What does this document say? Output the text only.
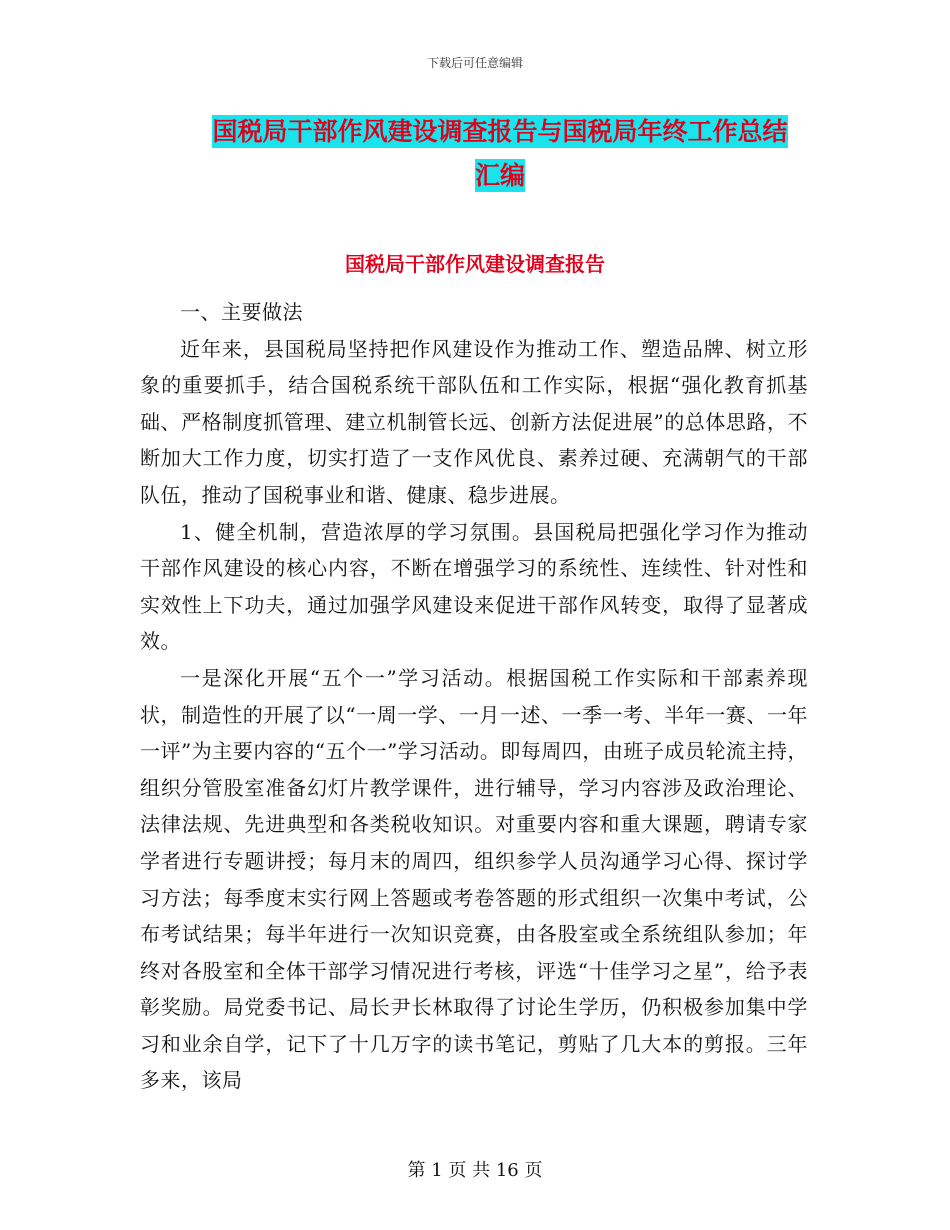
下载后可任意编辑
国税局干部作风建设调查报告与国税局年终工作总结
汇编
国税局干部作风建设调查报告

一、主要做法

近年来，县国税局坚持把作风建设作为推动工作、塑造品牌、树立形象的重要抓手，结合国税系统干部队伍和工作实际，根据“强化教育抓基础、严格制度抓管理、建立机制管长远、创新方法促进展”的总体思路，不断加大工作力度，切实打造了一支作风优良、素养过硬、充满朝气的干部队伍，推动了国税事业和谐、健康、稳步进展。

1、健全机制，营造浓厚的学习氛围。县国税局把强化学习作为推动干部作风建设的核心内容，不断在增强学习的系统性、连续性、针对性和实效性上下功夫，通过加强学风建设来促进干部作风转变，取得了显著成效。

一是深化开展“五个一”学习活动。根据国税工作实际和干部素养现状，制造性的开展了以“一周一学、一月一述、一季一考、半年一赛、一年一评”为主要内容的“五个一”学习活动。即每周四，由班子成员轮流主持，组织分管股室准备幻灯片教学课件，进行辅导，学习内容涉及政治理论、法律法规、先进典型和各类税收知识。对重要内容和重大课题，聘请专家学者进行专题讲授；每月末的周四，组织参学人员沟通学习心得、探讨学习方法；每季度末实行网上答题或考卷答题的形式组织一次集中考试，公布考试结果；每半年进行一次知识竞赛，由各股室或全系统组队参加；年终对各股室和全体干部学习情况进行考核，评选“十佳学习之星”，给予表彰奖励。局党委书记、局长尹长林取得了讨论生学历，仍积极参加集中学习和业余自学，记下了十几万字的读书笔记，剪贴了几大本的剪报。三年多来，该局

第 1 页 共 16 页
